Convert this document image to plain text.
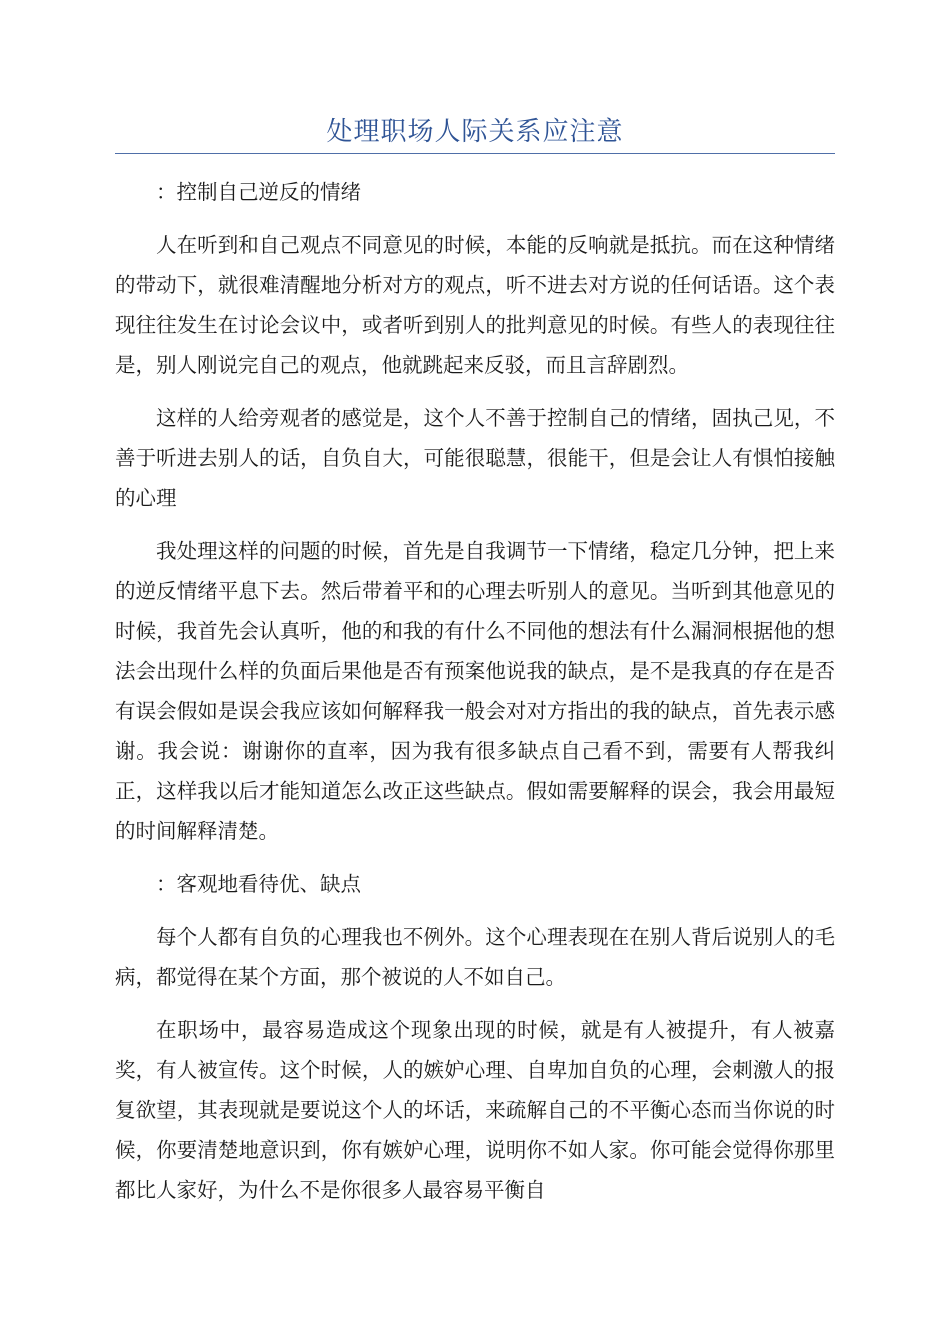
处理职场人际关系应注意

：控制自己逆反的情绪

人在听到和自己观点不同意见的时候，本能的反响就是抵抗。而在这种情绪的带动下，就很难清醒地分析对方的观点，听不进去对方说的任何话语。这个表现往往发生在讨论会议中，或者听到别人的批判意见的时候。有些人的表现往往是，别人刚说完自己的观点，他就跳起来反驳，而且言辞剧烈。

这样的人给旁观者的感觉是，这个人不善于控制自己的情绪，固执己见，不善于听进去别人的话，自负自大，可能很聪慧，很能干，但是会让人有惧怕接触的心理

我处理这样的问题的时候，首先是自我调节一下情绪，稳定几分钟，把上来的逆反情绪平息下去。然后带着平和的心理去听别人的意见。当听到其他意见的时候，我首先会认真听，他的和我的有什么不同他的想法有什么漏洞根据他的想法会出现什么样的负面后果他是否有预案他说我的缺点，是不是我真的存在是否有误会假如是误会我应该如何解释我一般会对对方指出的我的缺点，首先表示感谢。我会说：谢谢你的直率，因为我有很多缺点自己看不到，需要有人帮我纠正，这样我以后才能知道怎么改正这些缺点。假如需要解释的误会，我会用最短的时间解释清楚。

：客观地看待优、缺点

每个人都有自负的心理我也不例外。这个心理表现在在别人背后说别人的毛病，都觉得在某个方面，那个被说的人不如自己。

在职场中，最容易造成这个现象出现的时候，就是有人被提升，有人被嘉奖，有人被宣传。这个时候，人的嫉妒心理、自卑加自负的心理，会刺激人的报复欲望，其表现就是要说这个人的坏话，来疏解自己的不平衡心态而当你说的时候，你要清楚地意识到，你有嫉妒心理，说明你不如人家。你可能会觉得你那里都比人家好，为什么不是你很多人最容易平衡自
